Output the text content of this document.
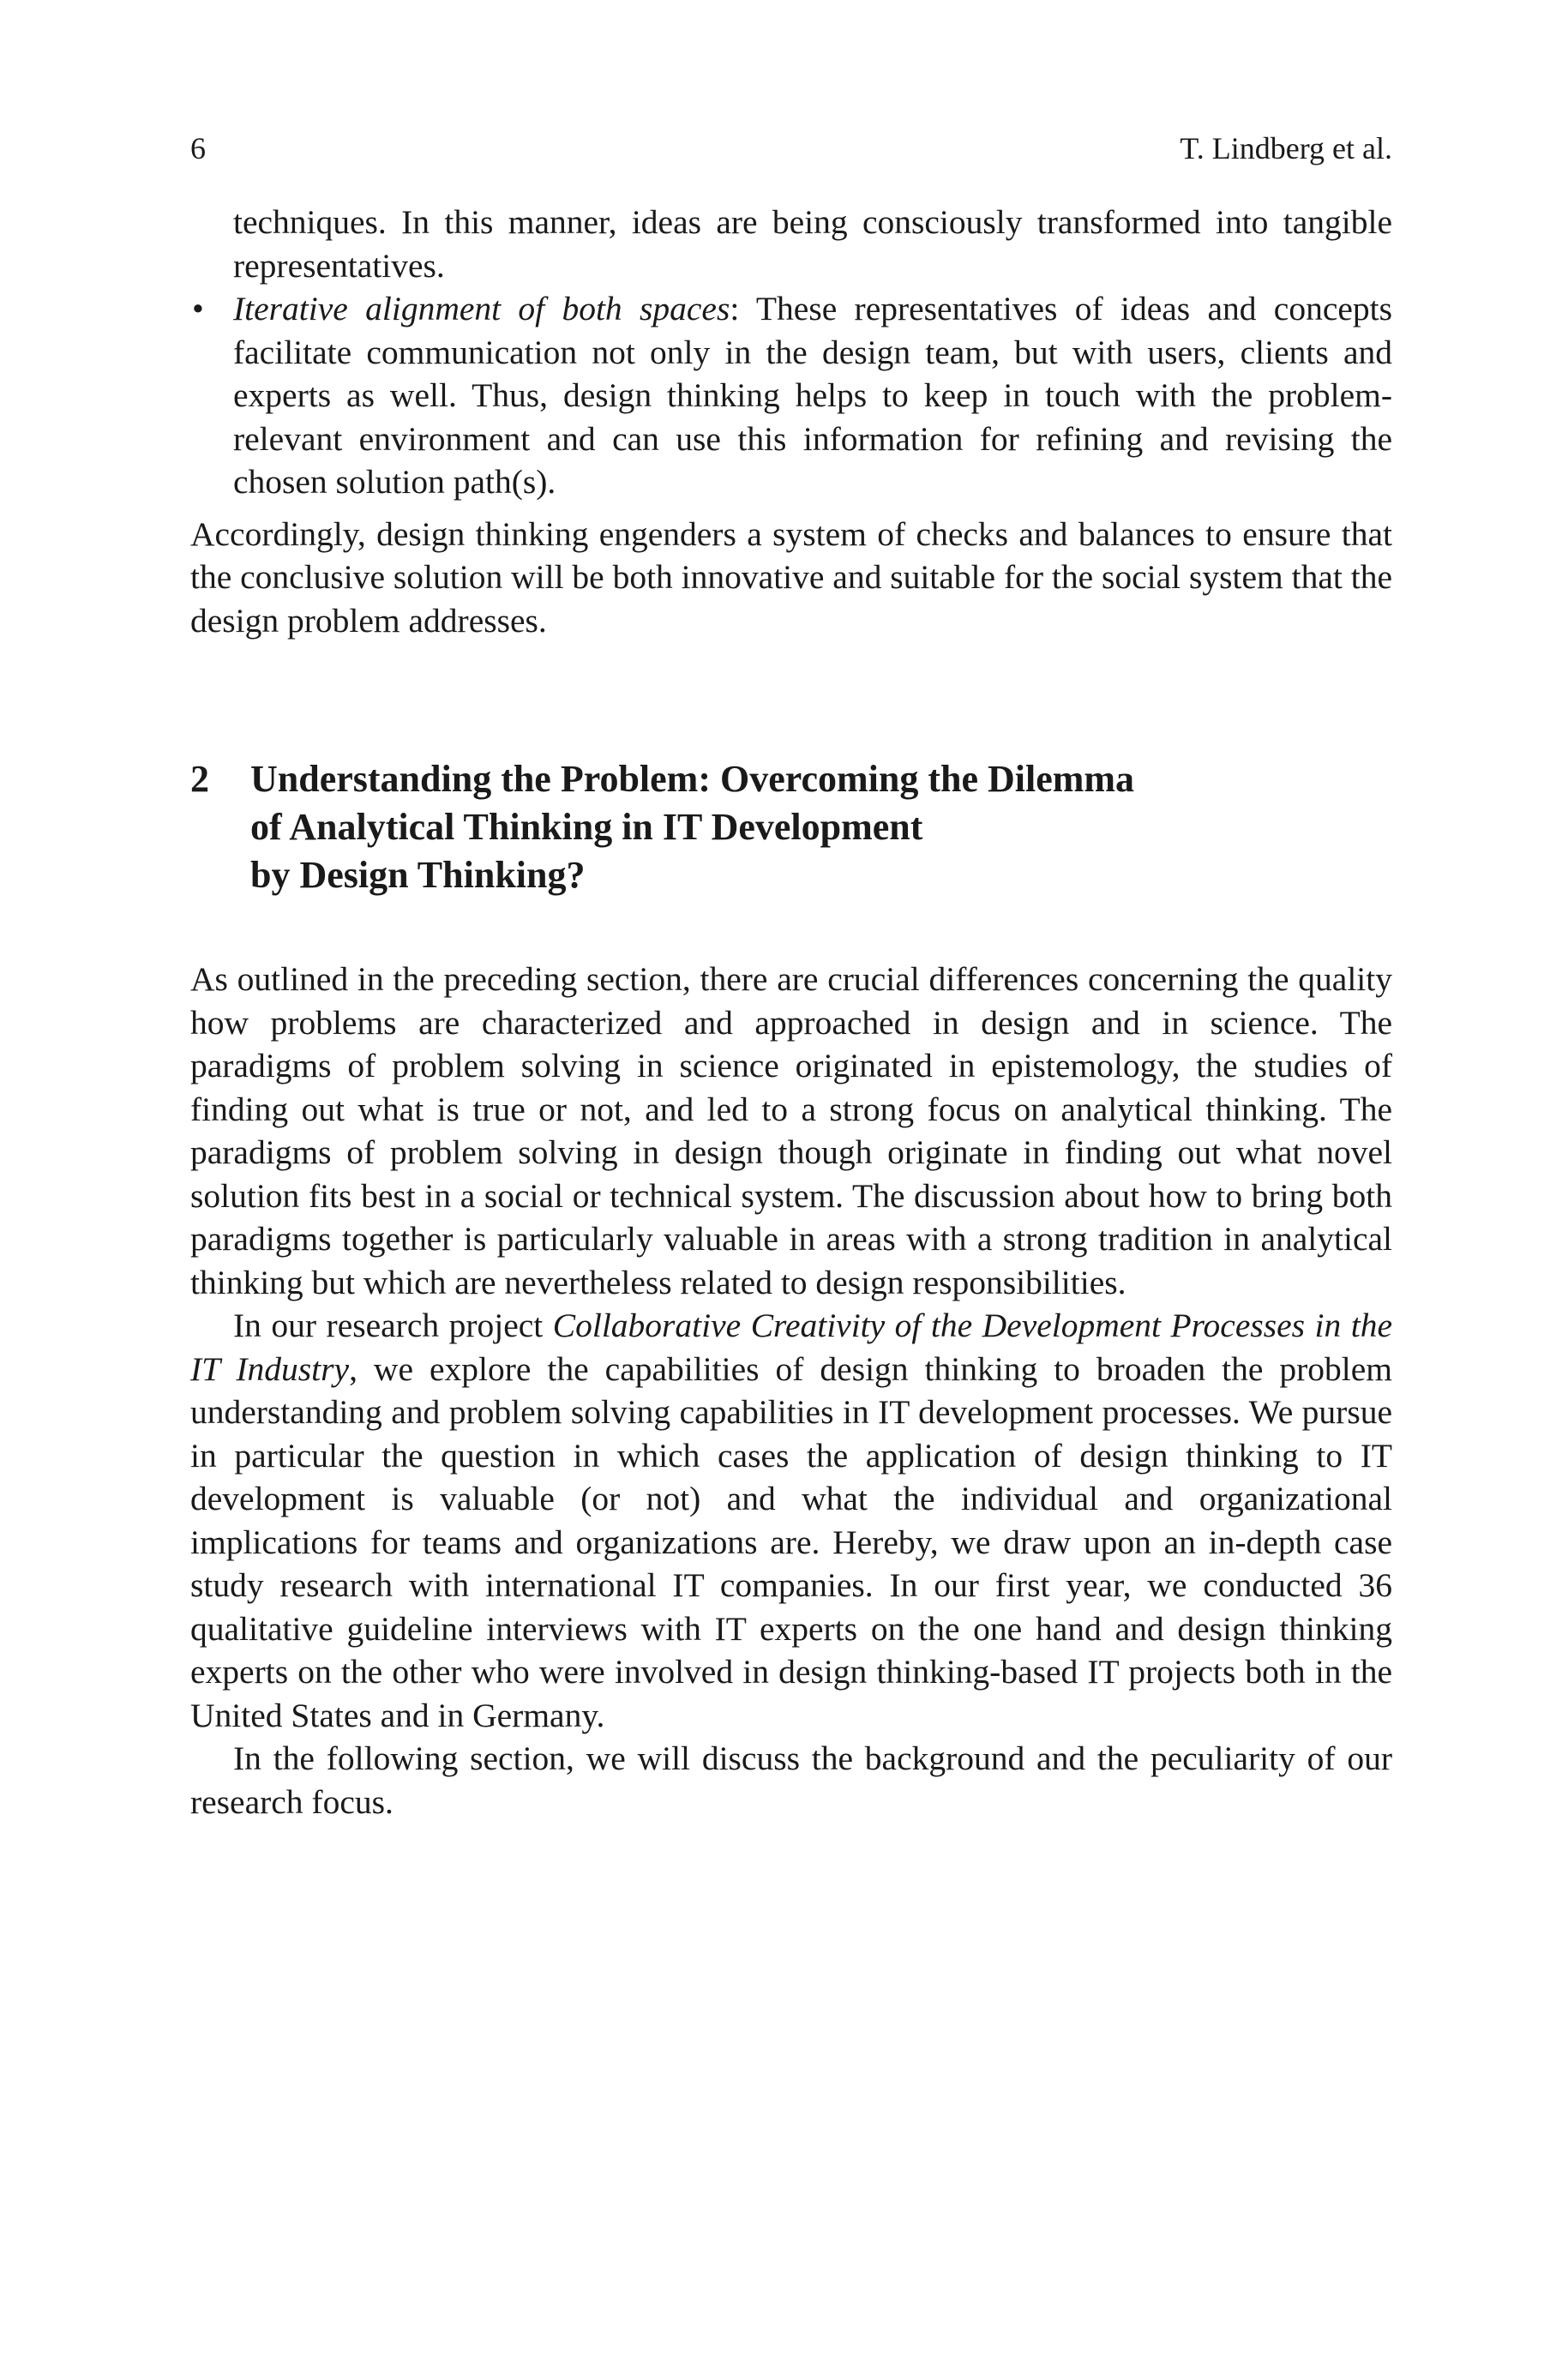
6	T. Lindberg et al.

techniques. In this manner, ideas are being consciously transformed into tangible representatives.

• Iterative alignment of both spaces: These representatives of ideas and concepts facilitate communication not only in the design team, but with users, clients and experts as well. Thus, design thinking helps to keep in touch with the problem-relevant environment and can use this information for refining and revising the chosen solution path(s).

Accordingly, design thinking engenders a system of checks and balances to ensure that the conclusive solution will be both innovative and suitable for the social system that the design problem addresses.

2 Understanding the Problem: Overcoming the Dilemma
of Analytical Thinking in IT Development
by Design Thinking?

As outlined in the preceding section, there are crucial differences concerning the quality how problems are characterized and approached in design and in science. The paradigms of problem solving in science originated in epistemology, the studies of finding out what is true or not, and led to a strong focus on analytical thinking. The paradigms of problem solving in design though originate in finding out what novel solution fits best in a social or technical system. The discussion about how to bring both paradigms together is particularly valuable in areas with a strong tradition in analytical thinking but which are nevertheless related to design responsibilities.

In our research project Collaborative Creativity of the Development Processes in the IT Industry, we explore the capabilities of design thinking to broaden the problem understanding and problem solving capabilities in IT development processes. We pursue in particular the question in which cases the application of design thinking to IT development is valuable (or not) and what the individual and organizational implications for teams and organizations are. Hereby, we draw upon an in-depth case study research with international IT companies. In our first year, we conducted 36 qualitative guideline interviews with IT experts on the one hand and design thinking experts on the other who were involved in design thinking-based IT projects both in the United States and in Germany.

In the following section, we will discuss the background and the peculiarity of our research focus.
